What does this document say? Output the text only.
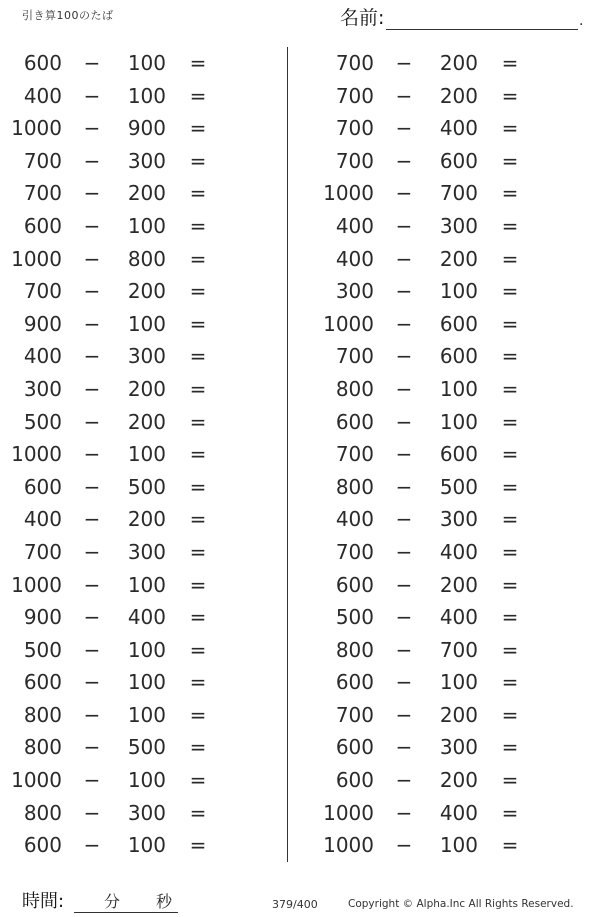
引き算100のたば	名前:	.
600 −	100 =
400 −	100 =
1000 −	900 =
700 −	300 =
700 −	200 =
600 −	100 =
1000 −	800 =
700 −	200 =
900 −	100 =
400 −	300 =
300 −	200 =
500 −	200 =
1000 −	100 =
600 −	500 =
400 −	200 =
700 −	300 =
1000 −	100 =
900 −	400 =
500 −	100 =
600 −	100 =
800 −	100 =
800 −	500 =
1000 −	100 =
800 −	300 =
600 −	100 =
700 −	200 =
700 −	200 =
700 −	400 =
700 −	600 =
1000 −	700 =
400 −	300 =
400 −	200 =
300 −	100 =
1000 −	600 =
700 −	600 =
800 −	100 =
600 −	100 =
700 −	600 =
800 −	500 =
400 −	300 =
700 −	400 =
600 −	200 =
500 −	400 =
800 −	700 =
600 −	100 =
700 −	200 =
600 −	300 =
600 −	200 =
1000 −	400 =
1000 −	100 =
時間: 分 秒	379/400	Copyright © Alpha.Inc All Rights Reserved.
